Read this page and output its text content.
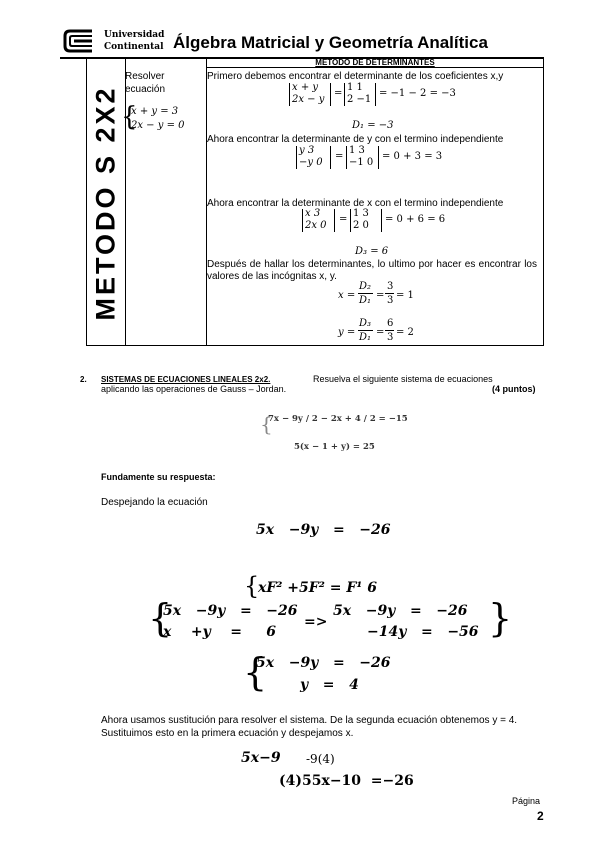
Universidad
Continental Álgebra Matricial y Geometría Analítica
METODO DE DETERMINANTES
METODO S 2X2
Resolver
ecuación
{
x + y = 3
2x − y = 0
Primero debemos encontrar el determinante de los coeficientes x,y
x + y
2x − y
=
1 1
2 −1
= −1 − 2 = −3
D₁ = −3
Ahora encontrar la determinante de y con el termino independiente
y 3
−y 0
=
1 3
−1 0
= 0 + 3 = 3
Ahora encontrar la determinante de x con el termino independiente
x 3
2x 0
=
1 3
2 0
= 0 + 6 = 6
D₃ = 6
Después de hallar los determinantes, lo ultimo por hacer es encontrar los valores de las incógnitas x, y.
x =
D₂
D₁ =
3
3 = 1
y =
D₃
D₁ =
6
3 = 2
2. SISTEMAS DE ECUACIONES LINEALES 2x2.	Resuelva el siguiente sistema de ecuaciones
aplicando las operaciones de Gauss – Jordan.	(4 puntos)
{
7x − 9y / 2 − 2x + 4 / 2 = −15
5(x − 1 + y) = 25
Fundamente su respuesta:
Despejando la ecuación
5x   −9y   =   −26
{
xF² +5F² = F¹ 6
{
5x   −9y   =   −26
x    +y    =     6
=>
5x   −9y   =   −26
−14y   =   −56 }
{
5x   −9y   =   −26
y   =   4
Ahora usamos sustitución para resolver el sistema. De la segunda ecuación obtenemos y = 4. Sustituimos esto en la primera ecuación y despejamos x.
5x−9 -9(4)
(4)55x−10  =−26
Página
2
